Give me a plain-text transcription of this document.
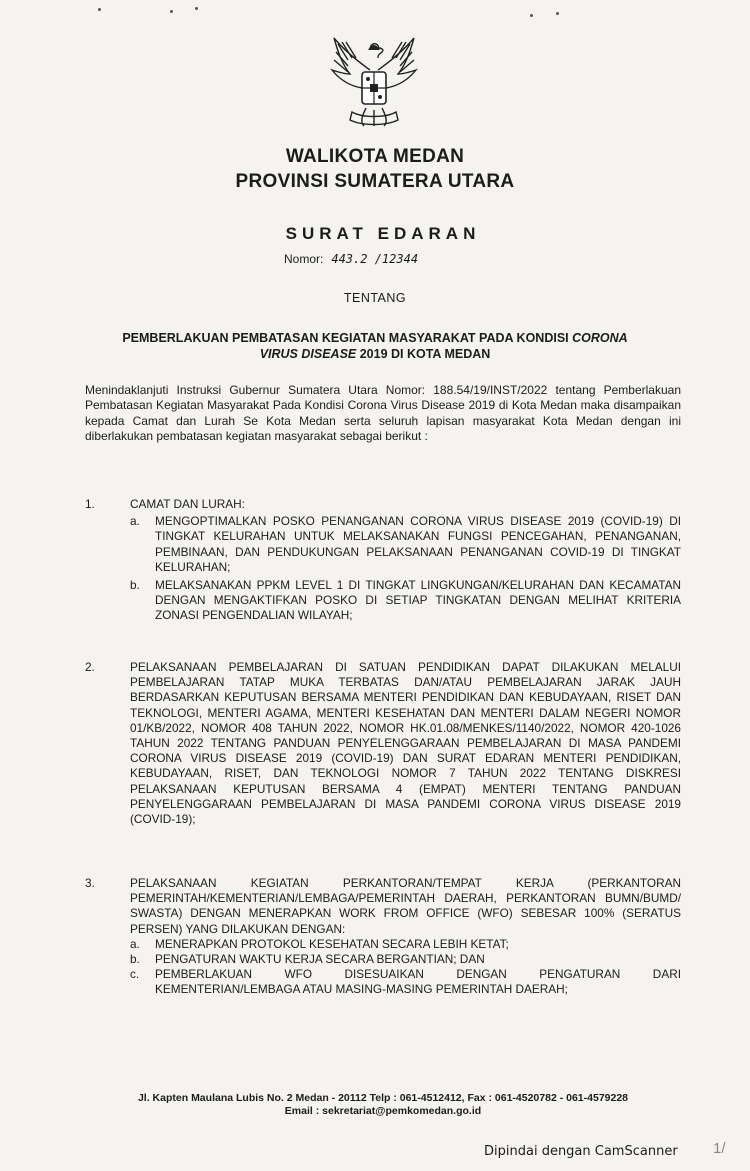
WALIKOTA MEDAN
PROVINSI SUMATERA UTARA
SURAT EDARAN
Nomor: 443.2 /12344
TENTANG
PEMBERLAKUAN PEMBATASAN KEGIATAN MASYARAKAT PADA KONDISI CORONA
VIRUS DISEASE 2019 DI KOTA MEDAN
Menindaklanjuti Instruksi Gubernur Sumatera Utara Nomor: 188.54/19/INST/2022 tentang Pemberlakuan Pembatasan Kegiatan Masyarakat Pada Kondisi Corona Virus Disease 2019 di Kota Medan maka disampaikan kepada Camat dan Lurah Se Kota Medan serta seluruh lapisan masyarakat Kota Medan dengan ini diberlakukan pembatasan kegiatan masyarakat sebagai berikut :
1.	CAMAT DAN LURAH:
a. MENGOPTIMALKAN POSKO PENANGANAN CORONA VIRUS DISEASE 2019 (COVID-19) DI TINGKAT KELURAHAN UNTUK MELAKSANAKAN FUNGSI PENCEGAHAN, PENANGANAN, PEMBINAAN, DAN PENDUKUNGAN PELAKSANAAN PENANGANAN COVID-19 DI TINGKAT KELURAHAN;
b. MELAKSANAKAN PPKM LEVEL 1 DI TINGKAT LINGKUNGAN/KELURAHAN DAN KECAMATAN DENGAN MENGAKTIFKAN POSKO DI SETIAP TINGKATAN DENGAN MELIHAT KRITERIA ZONASI PENGENDALIAN WILAYAH;
2.	PELAKSANAAN PEMBELAJARAN DI SATUAN PENDIDIKAN DAPAT DILAKUKAN MELALUI PEMBELAJARAN TATAP MUKA TERBATAS DAN/ATAU PEMBELAJARAN JARAK JAUH BERDASARKAN KEPUTUSAN BERSAMA MENTERI PENDIDIKAN DAN KEBUDAYAAN, RISET DAN TEKNOLOGI, MENTERI AGAMA, MENTERI KESEHATAN DAN MENTERI DALAM NEGERI NOMOR 01/KB/2022, NOMOR 408 TAHUN 2022, NOMOR HK.01.08/MENKES/1140/2022, NOMOR 420-1026 TAHUN 2022 TENTANG PANDUAN PENYELENGGARAAN PEMBELAJARAN DI MASA PANDEMI CORONA VIRUS DISEASE 2019 (COVID-19) DAN SURAT EDARAN MENTERI PENDIDIKAN, KEBUDAYAAN, RISET, DAN TEKNOLOGI NOMOR 7 TAHUN 2022 TENTANG DISKRESI PELAKSANAAN KEPUTUSAN BERSAMA 4 (EMPAT) MENTERI TENTANG PANDUAN PENYELENGGARAAN PEMBELAJARAN DI MASA PANDEMI CORONA VIRUS DISEASE 2019 (COVID-19);
3.	PELAKSANAAN KEGIATAN PERKANTORAN/TEMPAT KERJA (PERKANTORAN PEMERINTAH/KEMENTERIAN/LEMBAGA/PEMERINTAH DAERAH, PERKANTORAN BUMN/BUMD/ SWASTA) DENGAN MENERAPKAN WORK FROM OFFICE (WFO) SEBESAR 100% (SERATUS PERSEN) YANG DILAKUKAN DENGAN:
a. MENERAPKAN PROTOKOL KESEHATAN SECARA LEBIH KETAT;
b. PENGATURAN WAKTU KERJA SECARA BERGANTIAN; DAN
c. PEMBERLAKUAN WFO DISESUAIKAN DENGAN PENGATURAN DARI KEMENTERIAN/LEMBAGA ATAU MASING-MASING PEMERINTAH DAERAH;
Jl. Kapten Maulana Lubis No. 2 Medan - 20112 Telp : 061-4512412, Fax : 061-4520782 - 061-4579228
Email : sekretariat@pemkomedan.go.id
Dipindai dengan CamScanner 1/
